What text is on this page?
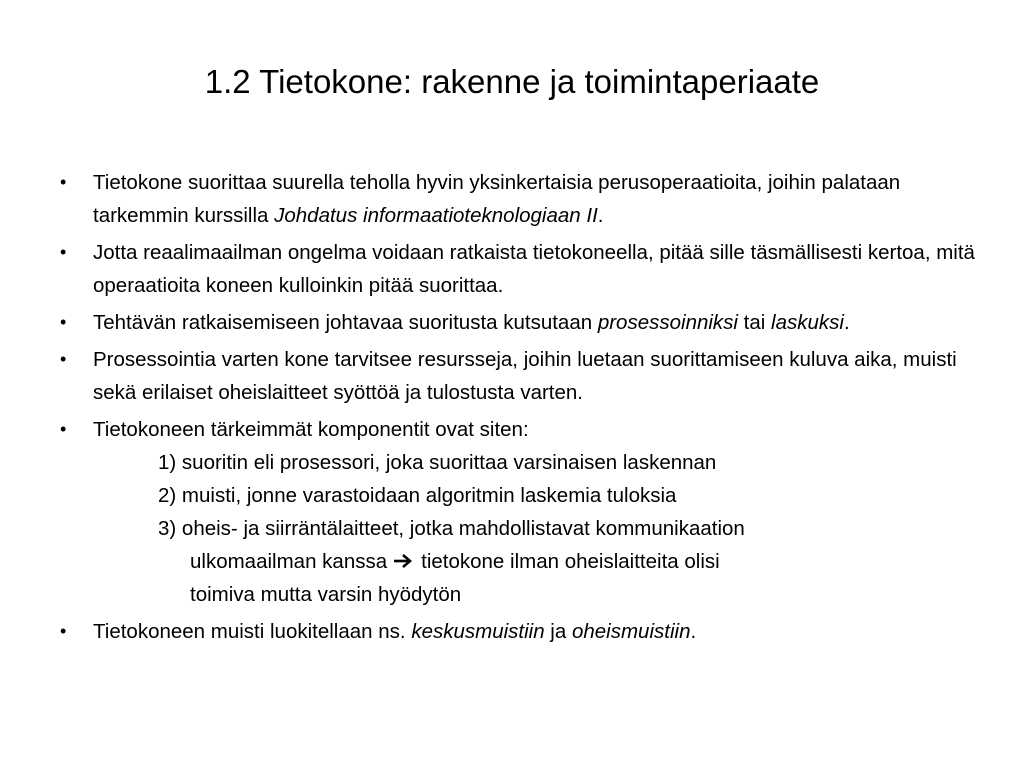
1.2 Tietokone: rakenne ja toimintaperiaate
•	Tietokone suorittaa suurella teholla hyvin yksinkertaisia perusoperaatioita, joihin palataan tarkemmin kurssilla Johdatus informaatioteknologiaan II.
•	Jotta reaalimaailman ongelma voidaan ratkaista tietokoneella, pitää sille täsmällisesti kertoa, mitä operaatioita koneen kulloinkin pitää suorittaa.
•	Tehtävän ratkaisemiseen johtavaa suoritusta kutsutaan prosessoinniksi tai laskuksi.
•	Prosessointia varten kone tarvitsee resursseja, joihin luetaan suorittamiseen kuluva aika, muisti sekä erilaiset oheislaitteet syöttöä ja tulostusta varten.
•	Tietokoneen tärkeimmät komponentit ovat siten:
1) suoritin eli prosessori, joka suorittaa varsinaisen laskennan
2) muisti, jonne varastoidaan algoritmin laskemia tuloksia
3) oheis- ja siirräntälaitteet, jotka mahdollistavat kommunikaation
ulkomaailman kanssa tietokone ilman oheislaitteita olisi
toimiva mutta varsin hyödytön
•	Tietokoneen muisti luokitellaan ns. keskusmuistiin ja oheismuistiin.
